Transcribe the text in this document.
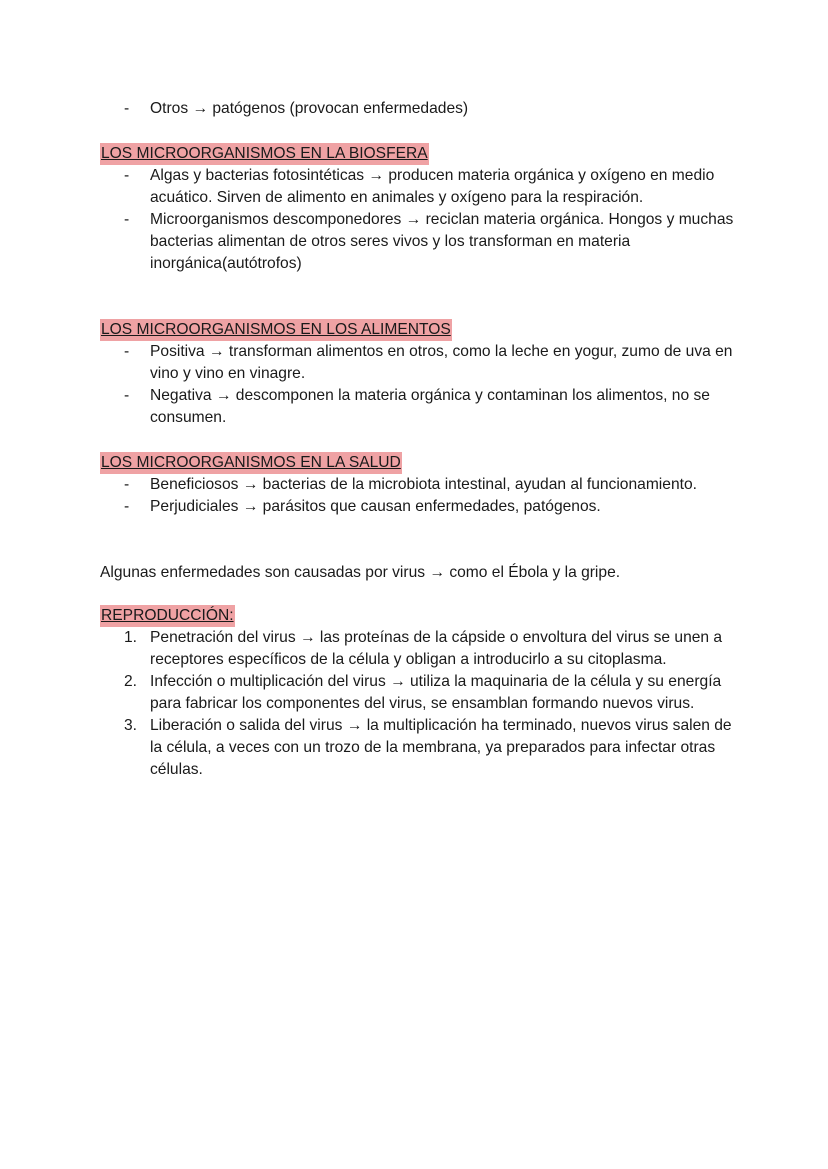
- Otros → patógenos (provocan enfermedades)
LOS MICROORGANISMOS EN LA BIOSFERA
- Algas y bacterias fotosintéticas → producen materia orgánica y oxígeno en medio acuático. Sirven de alimento en animales y oxígeno para la respiración.
- Microorganismos descomponedores → reciclan materia orgánica. Hongos y muchas bacterias alimentan de otros seres vivos y los transforman en materia inorgánica(autótrofos)
LOS MICROORGANISMOS EN LOS ALIMENTOS
- Positiva → transforman alimentos en otros, como la leche en yogur, zumo de uva en vino y vino en vinagre.
- Negativa → descomponen la materia orgánica y contaminan los alimentos, no se consumen.
LOS MICROORGANISMOS EN LA SALUD
- Beneficiosos → bacterias de la microbiota intestinal, ayudan al funcionamiento.
- Perjudiciales → parásitos que causan enfermedades, patógenos.
Algunas enfermedades son causadas por virus → como el Ébola y la gripe.
REPRODUCCIÓN:
1. Penetración del virus → las proteínas de la cápside o envoltura del virus se unen a receptores específicos de la célula y obligan a introducirlo a su citoplasma.
2. Infección o multiplicación del virus → utiliza la maquinaria de la célula y su energía para fabricar los componentes del virus, se ensamblan formando nuevos virus.
3. Liberación o salida del virus → la multiplicación ha terminado, nuevos virus salen de la célula, a veces con un trozo de la membrana, ya preparados para infectar otras células.
